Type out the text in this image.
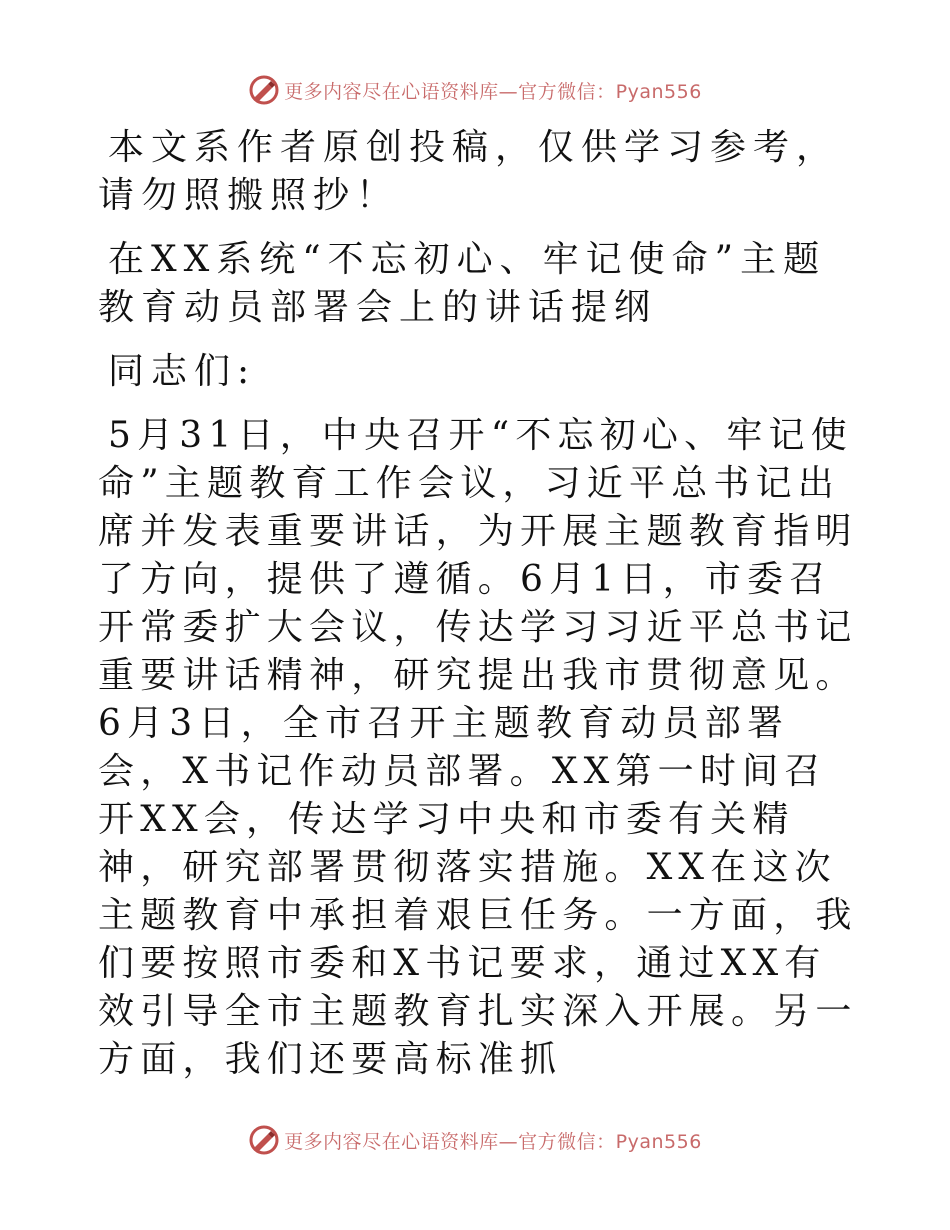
更多内容尽在心语资料库—官方微信：Pyan556

本文系作者原创投稿，仅供学习参考，请勿照搬照抄！

在XX系统“不忘初心、牢记使命”主题教育动员部署会上的讲话提纲

同志们:

5月31日，中央召开“不忘初心、牢记使命”主题教育工作会议，习近平总书记出席并发表重要讲话，为开展主题教育指明了方向，提供了遵循。6月1日，市委召开常委扩大会议，传达学习习近平总书记重要讲话精神，研究提出我市贯彻意见。6月3日，全市召开主题教育动员部署会，X书记作动员部署。XX第一时间召开XX会，传达学习中央和市委有关精神，研究部署贯彻落实措施。XX在这次主题教育中承担着艰巨任务。一方面，我们要按照市委和X书记要求，通过XX有效引导全市主题教育扎实深入开展。另一方面，我们还要高标准抓

更多内容尽在心语资料库—官方微信：Pyan556
